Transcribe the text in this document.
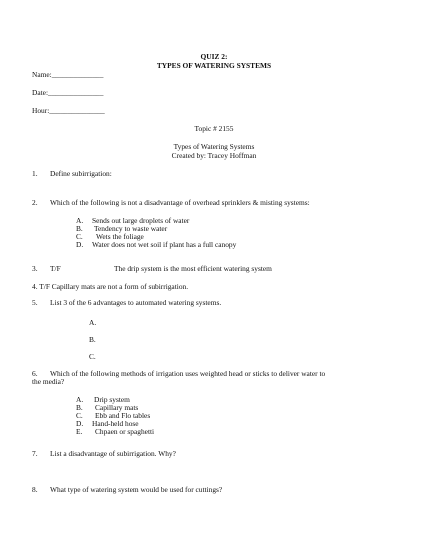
QUIZ 2:
TYPES OF WATERING SYSTEMS
Name:______________
Date:_______________
Hour:_______________
Topic # 2155
Types of Watering Systems
Created by: Tracey Hoffman
1. Define subirrigation:
2. Which of the following is not a disadvantage of overhead sprinklers & misting systems:
A. Sends out large droplets of water
B. Tendency to waste water
C. Wets the foliage
D. Water does not wet soil if plant has a full canopy
3. T/F	The drip system is the most efficient watering system
4. T/F Capillary mats are not a form of subirrigation.
5. List 3 of the 6 advantages to automated watering systems.
A.
B.
C.
6. Which of the following methods of irrigation uses weighted head or sticks to deliver water to
the media?
A. Drip system
B. Capillary mats
C. Ebb and Flo tables
D. Hand-held hose
E. Chpaen or spaghetti
7. List a disadvantage of subirrigation. Why?
8. What type of watering system would be used for cuttings?
